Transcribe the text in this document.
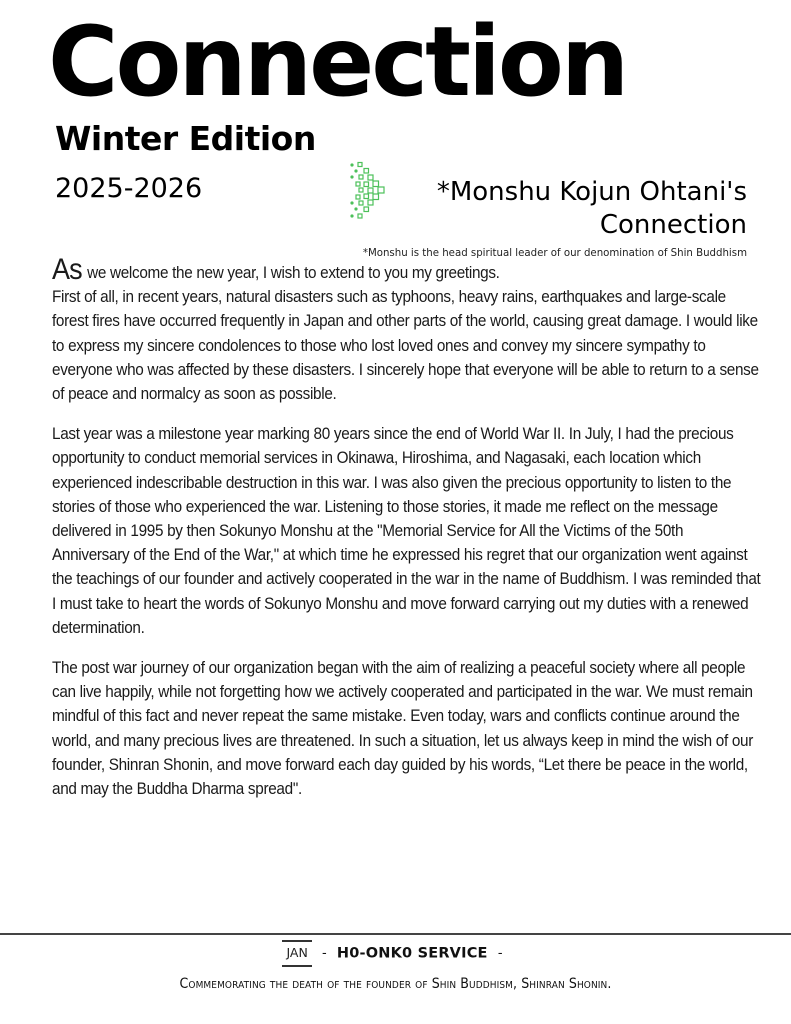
Connection
Winter Edition
2025-2026	*Monshu Kojun Ohtani's
Connection
*Monshu is the head spiritual leader of our denomination of Shin Buddhism

As we welcome the new year, I wish to extend to you my greetings.
First of all, in recent years, natural disasters such as typhoons, heavy rains, earthquakes and large-scale forest fires have occurred frequently in Japan and other parts of the world, causing great damage. I would like to express my sincere condolences to those who lost loved ones and convey my sincere sympathy to everyone who was affected by these disasters. I sincerely hope that everyone will be able to return to a sense of peace and normalcy as soon as possible.

Last year was a milestone year marking 80 years since the end of World War II. In July, I had the precious opportunity to conduct memorial services in Okinawa, Hiroshima, and Nagasaki, each location which experienced indescribable destruction in this war. I was also given the precious opportunity to listen to the stories of those who experienced the war. Listening to those stories, it made me reflect on the message delivered in 1995 by then Sokunyo Monshu at the "Memorial Service for All the Victims of the 50th Anniversary of the End of the War," at which time he expressed his regret that our organization went against the teachings of our founder and actively cooperated in the war in the name of Buddhism. I was reminded that I must take to heart the words of Sokunyo Monshu and move forward carrying out my duties with a renewed determination.

The post war journey of our organization began with the aim of realizing a peaceful society where all people can live happily, while not forgetting how we actively cooperated and participated in the war. We must remain mindful of this fact and never repeat the same mistake. Even today, wars and conflicts continue around the world, and many precious lives are threatened. In such a situation, let us always keep in mind the wish of our founder, Shinran Shonin, and move forward each day guided by his words, “Let there be peace in the world, and may the Buddha Dharma spread".

JAN - H0-ONK0 SERVICE -
Commemorating the death of the founder of Shin Buddhism, Shinran Shonin.
